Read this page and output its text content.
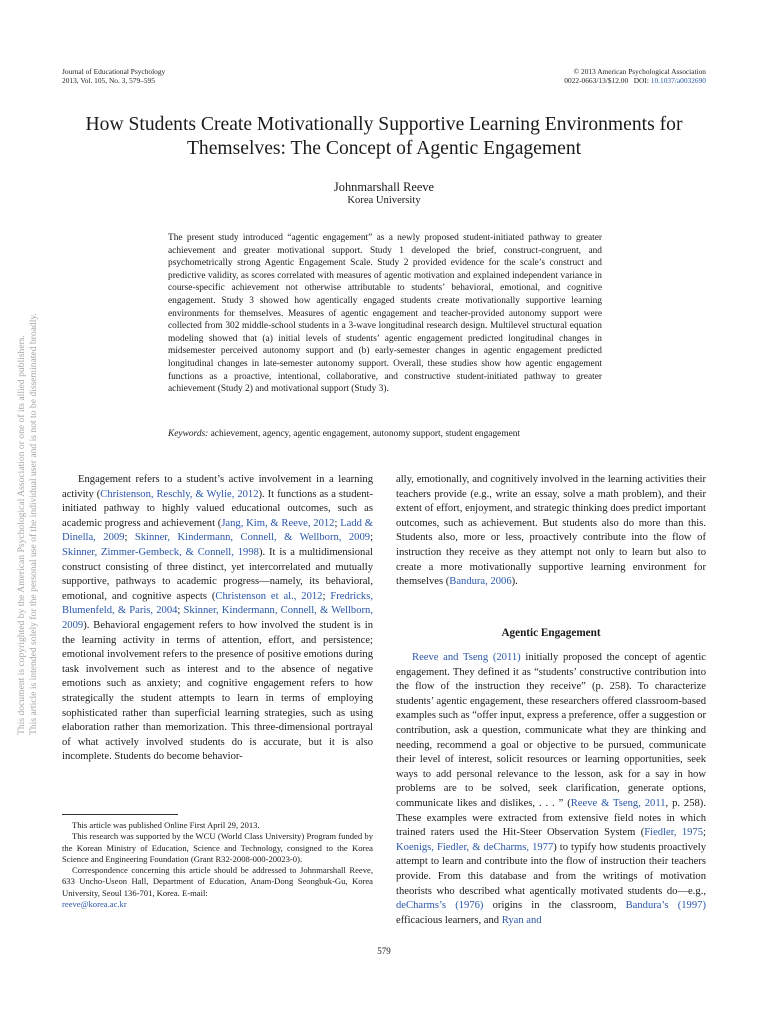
Journal of Educational Psychology
2013, Vol. 105, No. 3, 579–595
© 2013 American Psychological Association
0022-0663/13/$12.00 DOI: 10.1037/a0032690
How Students Create Motivationally Supportive Learning Environments for
Themselves: The Concept of Agentic Engagement
Johnmarshall Reeve
Korea University
The present study introduced “agentic engagement” as a newly proposed student-initiated pathway to greater achievement and greater motivational support. Study 1 developed the brief, construct-congruent, and psychometrically strong Agentic Engagement Scale. Study 2 provided evidence for the scale’s construct and predictive validity, as scores correlated with measures of agentic motivation and explained independent variance in course-specific achievement not otherwise attributable to students’ behavioral, emotional, and cognitive engagement. Study 3 showed how agentically engaged students create motivationally supportive learning environments for themselves. Measures of agentic engagement and teacher-provided autonomy support were collected from 302 middle-school students in a 3-wave longitudinal research design. Multilevel structural equation modeling showed that (a) initial levels of students’ agentic engagement predicted longitudinal changes in midsemester perceived autonomy support and (b) early-semester changes in agentic engagement predicted longitudinal changes in late-semester autonomy support. Overall, these studies show how agentic engagement functions as a proactive, intentional, collaborative, and constructive student-initiated pathway to greater achievement (Study 2) and motivational support (Study 3).
Keywords: achievement, agency, agentic engagement, autonomy support, student engagement

Engagement refers to a student’s active involvement in a learning activity (Christenson, Reschly, & Wylie, 2012). It functions as a student-initiated pathway to highly valued educational outcomes, such as academic progress and achievement (Jang, Kim, & Reeve, 2012; Ladd & Dinella, 2009; Skinner, Kindermann, Connell, & Wellborn, 2009; Skinner, Zimmer-Gembeck, & Connell, 1998). It is a multidimensional construct consisting of three distinct, yet intercorrelated and mutually supportive, pathways to academic progress—namely, its behavioral, emotional, and cognitive aspects (Christenson et al., 2012; Fredricks, Blumenfeld, & Paris, 2004; Skinner, Kindermann, Connell, & Wellborn, 2009). Behavioral engagement refers to how involved the student is in the learning activity in terms of attention, effort, and persistence; emotional involvement refers to the presence of positive emotions during task involvement such as interest and to the absence of negative emotions such as anxiety; and cognitive engagement refers to how strategically the student attempts to learn in terms of employing sophisticated rather than superficial learning strategies, such as using elaboration rather than memorization. This three-dimensional portrayal of what actively involved students do is accurate, but it is also incomplete. Students do become behavior-

ally, emotionally, and cognitively involved in the learning activities their teachers provide (e.g., write an essay, solve a math problem), and their extent of effort, enjoyment, and strategic thinking does predict important outcomes, such as achievement. But students also do more than this. Students also, more or less, proactively contribute into the flow of instruction they receive as they attempt not only to learn but also to create a more motivationally supportive learning environment for themselves (Bandura, 2006).

Agentic Engagement

Reeve and Tseng (2011) initially proposed the concept of agentic engagement. They defined it as “students’ constructive contribution into the flow of the instruction they receive” (p. 258). To characterize students’ agentic engagement, these researchers offered classroom-based examples such as “offer input, express a preference, offer a suggestion or contribution, ask a question, communicate what they are thinking and needing, recommend a goal or objective to be pursued, communicate their level of interest, solicit resources or learning opportunities, seek ways to add personal relevance to the lesson, ask for a say in how problems are to be solved, seek clarification, generate options, communicate likes and dislikes, . . . ” (Reeve & Tseng, 2011, p. 258). These examples were extracted from extensive field notes in which trained raters used the Hit-Steer Observation System (Fiedler, 1975; Koenigs, Fiedler, & deCharms, 1977) to typify how students proactively attempt to learn and contribute into the flow of instruction their teachers provide. From this database and from the writings of motivation theorists who described what agentically motivated students do—e.g., deCharms’s (1976) origins in the classroom, Bandura’s (1997) efficacious learners, and Ryan and

This article was published Online First April 29, 2013.

This research was supported by the WCU (World Class University) Program funded by the Korean Ministry of Education, Science and Technology, consigned to the Korea Science and Engineering Foundation (Grant R32-2008-000-20023-0).

Correspondence concerning this article should be addressed to Johnmarshall Reeve, 633 Uncho-Useon Hall, Department of Education, Anam-Dong Seongbuk-Gu, Korea University, Seoul 136-701, Korea. E-mail:
reeve@korea.ac.kr

579
This document is copyrighted by the American Psychological Association or one of its allied publishers. This article is intended solely for the personal use of the individual user and is not to be disseminated broadly.
